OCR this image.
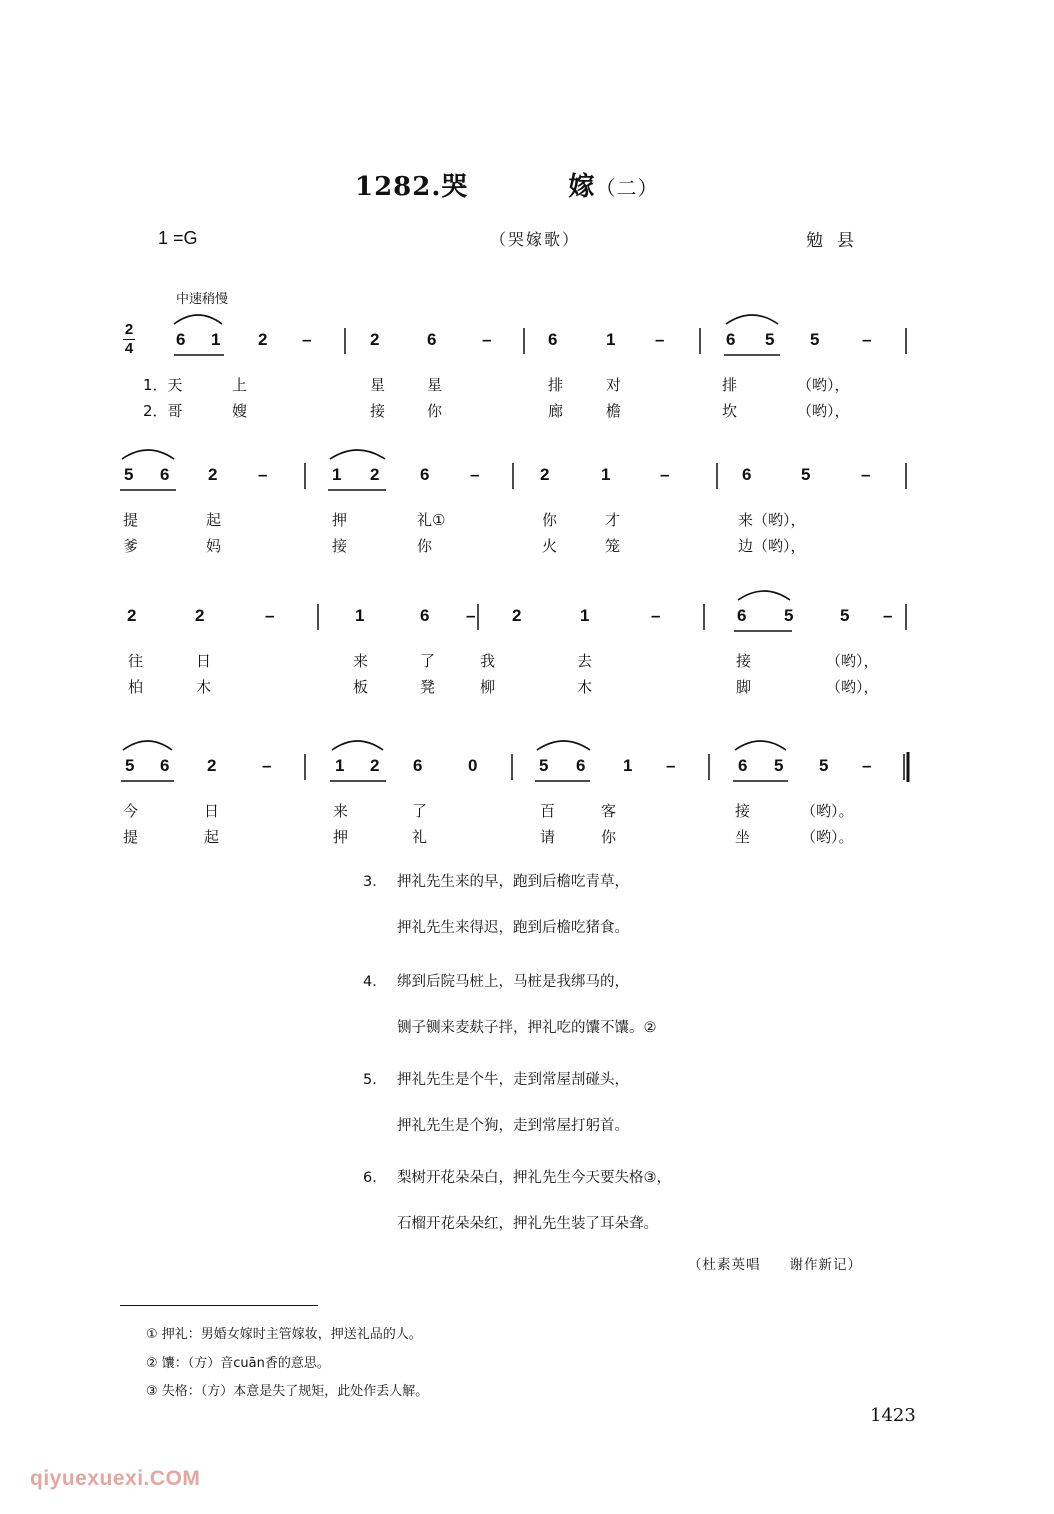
1282.哭	嫁（二）
1 =G	（哭嫁歌）	勉县
中速稍慢
2
4	6 1 2 –	2	6	–	6	1 –	6 5 5	–
1．天	上	星	星	排	对	排	（哟），
2．哥	嫂	接	你	廊	檐	坎	（哟），
5 6 2 –	1 2 6 –	2	1	–	6	5	–
提	起	押	礼①	你	才	来（哟），
爹	妈	接	你	火	笼	边（哟），
2	2	–	1	6 – 2	1	–	6 5	5 –
往	日	来	了	我	去	接	（哟），
柏	木	板	凳	柳	木	脚	（哟），
5 6 2	–	1 2 6	0	5 6 1 –	6 5 5 –
今	日	来	了	百	客	接	（哟）。
提	起	押	礼	请	你	坐	（哟）。
3． 押礼先生来的早，跑到后檐吃青草，
押礼先生来得迟，跑到后檐吃猪食。
4． 绑到后院马桩上，马桩是我绑马的，
铡子铡来麦麸子拌，押礼吃的馕不馕。②
5． 押礼先生是个牛，走到常屋㓤碰头，
押礼先生是个狗，走到常屋打躬首。
6． 梨树开花朵朵白，押礼先生今天要失格③，
石榴开花朵朵红，押礼先生装了耳朵聋。
（杜素英唱　　谢作新记）
① 押礼：男婚女嫁时主管嫁妆，押送礼品的人。
② 馕：（方）音cuān香的意思。
③ 失格：（方）本意是失了规矩，此处作丢人解。
1423
qiyuexuexi.COM
